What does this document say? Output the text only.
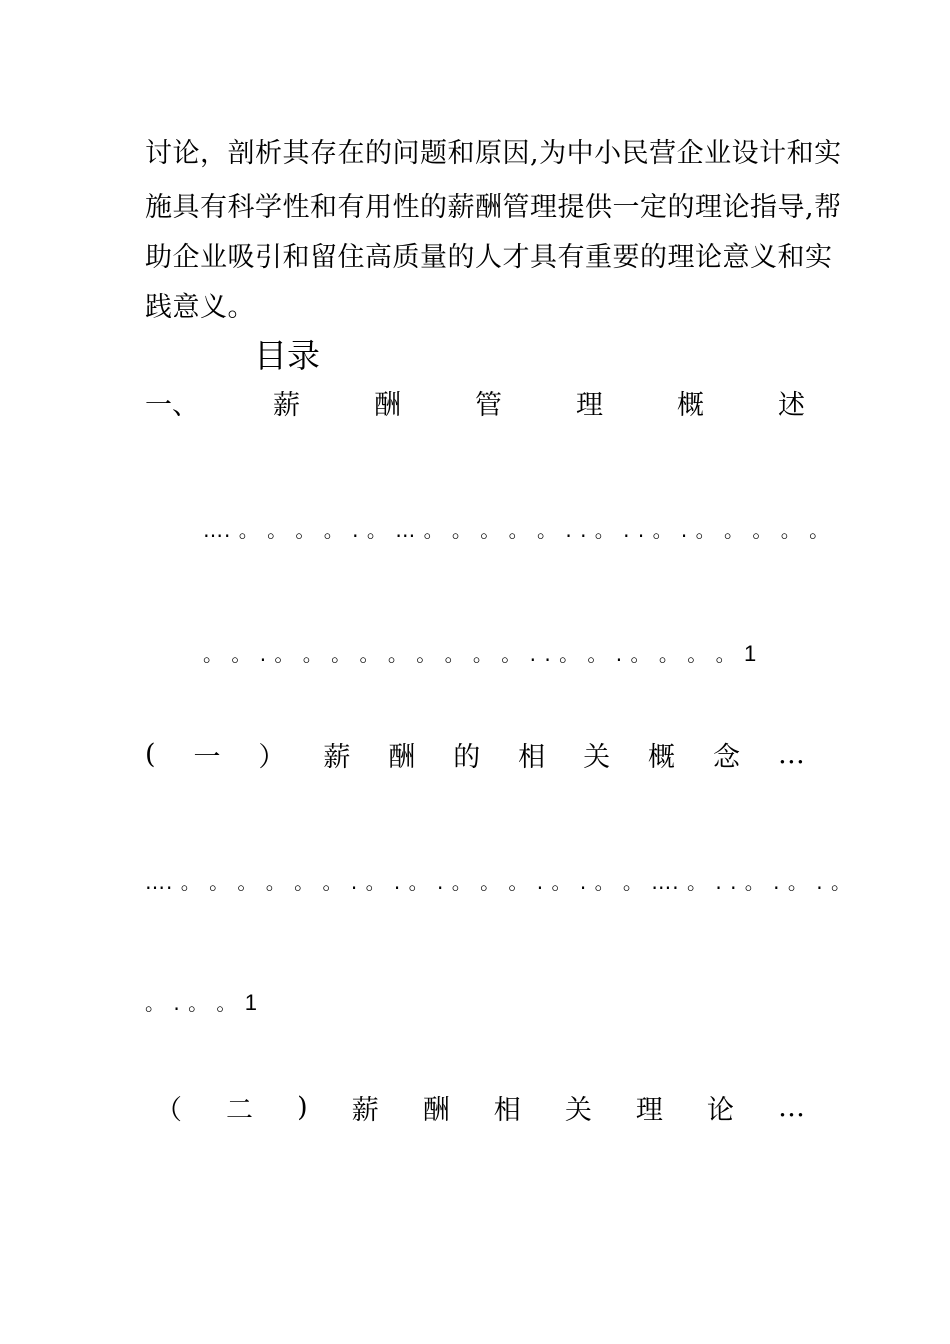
讨论，剖析其存在的问题和原因,为中小民营企业设计和实
施具有科学性和有用性的薪酬管理提供一定的理论指导,帮
助企业吸引和留住高质量的人才具有重要的理论意义和实
践意义。
目录
一、	薪	酬	管	理	概	述
…. 。 。 。 。 . 。 … 。 。 。 。 。 . . 。 . . 。 . 。 。 。 。 。
。 。 . 。 。 。 。 。 。 。 。 。 . . 。 。 . 。 。 。 。 1
( 一 ） 薪 酬 的 相 关 概 念 …
…. 。 。 。 。 。 。 . 。 . 。 . 。 。 。 . 。 . 。 。 …. 。 . . 。 . 。 . 。
。 . 。 。 1
（ 二 ) 薪 酬 相 关 理 论 …
